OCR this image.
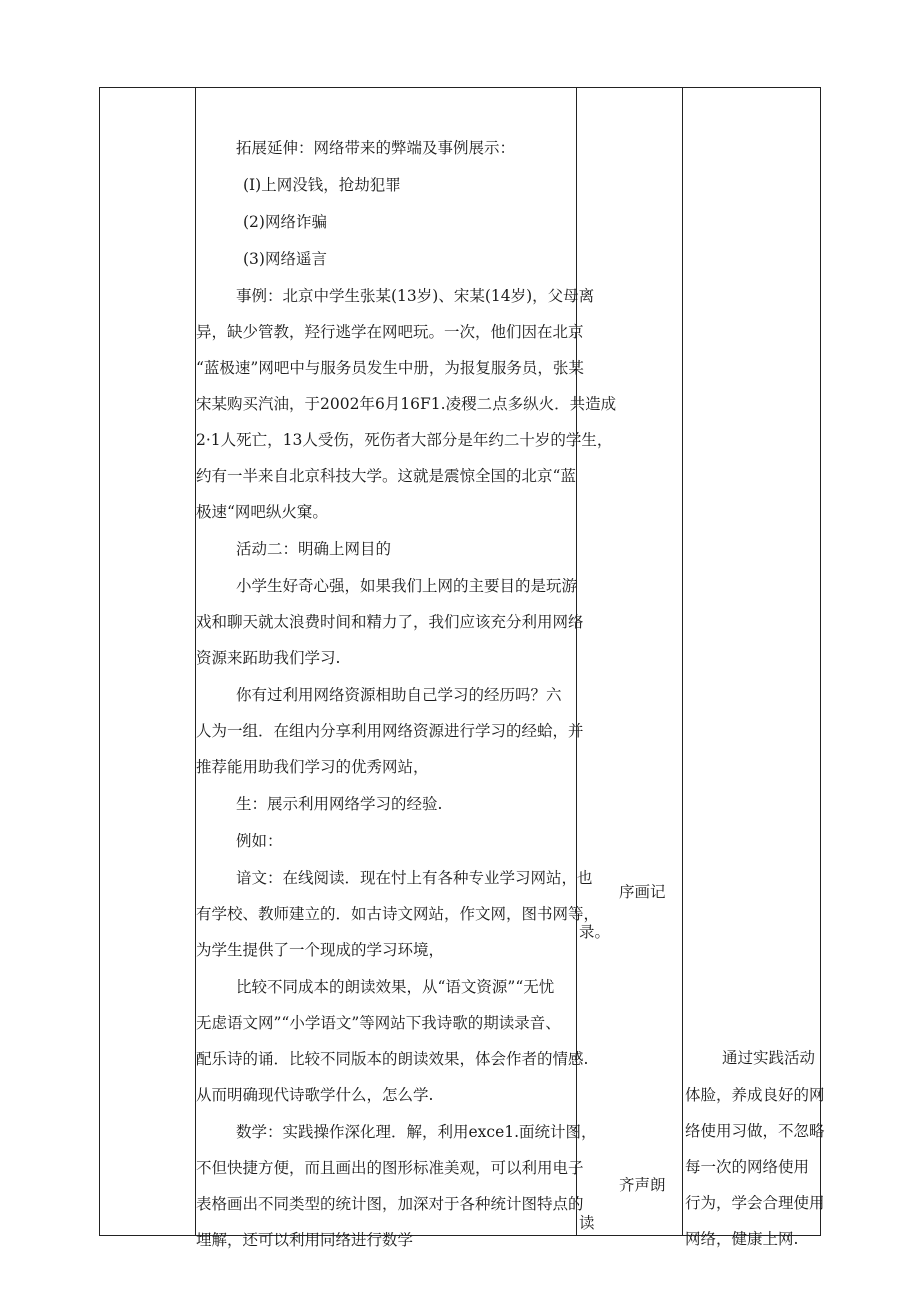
拓展延伸：网络带来的弊端及事例展示：
(I)上网没钱，抢劫犯罪
(2)网络诈骗
(3)网络遥言
事例：北京中学生张某(13岁)、宋某(14岁)，父母离
异，缺少管教，羟行逃学在网吧玩。一次，他们因在北京
“蓝极速”网吧中与服务员发生中册，为报复服务员，张某
宋某购买汽油，于2002年6月16F1.凌稷二点多纵火．共造成
2·1人死亡，13人受伤，死伤者大部分是年约二十岁的学生，
约有一半来自北京科技大学。这就是震惊全国的北京“蓝
极速“网吧纵火窠。
活动二：明确上网目的
小学生好奇心强，如果我们上网的主要目的是玩游
戏和聊天就太浪费时间和精力了，我们应该充分利用网络
资源来跖助我们学习.
你有过利用网络资源相助自己学习的经历吗？六
人为一组．在组内分享利用网络资源进行学习的经蛤，并
推荐能用助我们学习的优秀网站，
生：展示利用网络学习的经验.
例如：
谙文：在线阅读．现在忖上有各种专业学习网站，也
有学校、教师建立的．如古诗文网站，作文网，图书网等，
为学生提供了一个现成的学习环境，
比较不同成本的朗读效果，从“语文资源”“无忧
无虑语文网”“小学语文”等网站下我诗歌的期读录音、
配乐诗的诵．比较不同版本的朗读效果，体会作者的情感.
从而明确现代诗歌学什么，怎么学.
数学：实践操作深化理．解，利用exce1.面统计图，
不但快捷方便，而且画出的图形标准美观，可以利用电子
表格画出不同类型的统计图，加深对于各种统计图特点的
埋解，还可以利用同络进行数学
序画记
录。
齐声朗
读
通过实践活动
体脸，养成良好的网
络使用习做，不忽略
每一次的网络使用
行为，学会合理使用
网络，健康上网.
